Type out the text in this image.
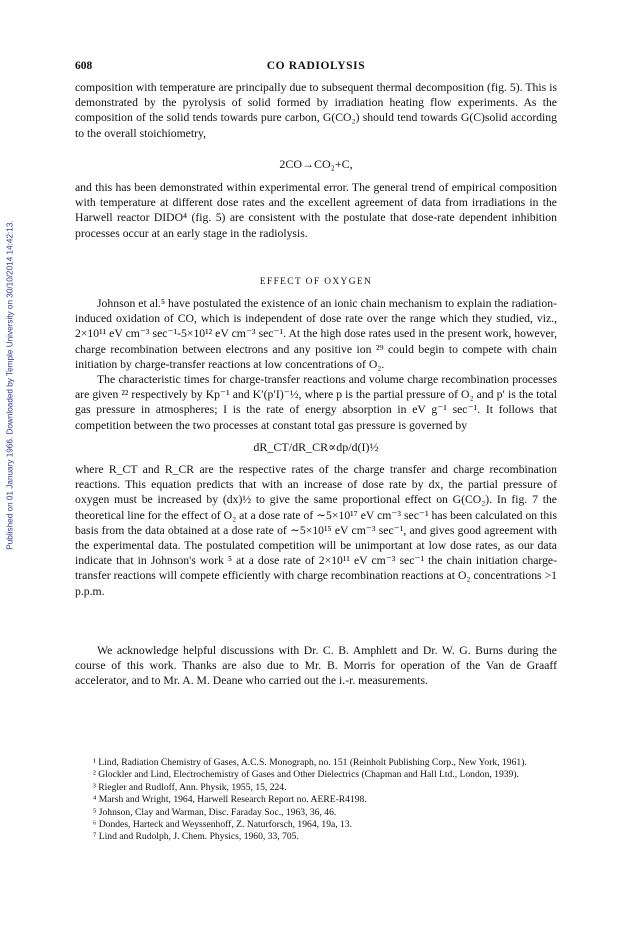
Published on 01 January 1966. Downloaded by Temple University on 30/10/2014 14:42:13.
608	CO RADIOLYSIS

composition with temperature are principally due to subsequent thermal decomposition (fig. 5). This is demonstrated by the pyrolysis of solid formed by irradiation heating flow experiments. As the composition of the solid tends towards pure carbon, G(CO₂) should tend towards G(C)solid according to the overall stoichiometry,

2CO→CO₂+C,

and this has been demonstrated within experimental error. The general trend of empirical composition with temperature at different dose rates and the excellent agreement of data from irradiations in the Harwell reactor DIDO⁴ (fig. 5) are consistent with the postulate that dose-rate dependent inhibition processes occur at an early stage in the radiolysis.

EFFECT OF OXYGEN

Johnson et al.⁵ have postulated the existence of an ionic chain mechanism to explain the radiation-induced oxidation of CO, which is independent of dose rate over the range which they studied, viz., 2×10¹¹ eV cm⁻³ sec⁻¹-5×10¹² eV cm⁻³ sec⁻¹. At the high dose rates used in the present work, however, charge recombination between electrons and any positive ion ²⁹ could begin to compete with chain initiation by charge-transfer reactions at low concentrations of O₂.

The characteristic times for charge-transfer reactions and volume charge recombination processes are given ²² respectively by Kp⁻¹ and K′(p′I)⁻½, where p is the partial pressure of O₂ and p′ is the total gas pressure in atmospheres; I is the rate of energy absorption in eV g⁻¹ sec⁻¹. It follows that competition between the two processes at constant total gas pressure is governed by

dR_CT/dR_CR∝dp/d(I)½

where R_CT and R_CR are the respective rates of the charge transfer and charge recombination reactions. This equation predicts that with an increase of dose rate by dx, the partial pressure of oxygen must be increased by (dx)½ to give the same proportional effect on G(CO₂). In fig. 7 the theoretical line for the effect of O₂ at a dose rate of ∼5×10¹⁷ eV cm⁻³ sec⁻¹ has been calculated on this basis from the data obtained at a dose rate of ∼5×10¹⁵ eV cm⁻³ sec⁻¹, and gives good agreement with the experimental data. The postulated competition will be unimportant at low dose rates, as our data indicate that in Johnson's work ⁵ at a dose rate of 2×10¹¹ eV cm⁻³ sec⁻¹ the chain initiation charge-transfer reactions will compete efficiently with charge recombination reactions at O₂ concentrations >1 p.p.m.

We acknowledge helpful discussions with Dr. C. B. Amphlett and Dr. W. G. Burns during the course of this work. Thanks are also due to Mr. B. Morris for operation of the Van de Graaff accelerator, and to Mr. A. M. Deane who carried out the i.-r. measurements.

¹ Lind, Radiation Chemistry of Gases, A.C.S. Monograph, no. 151 (Reinholt Publishing Corp., New York, 1961).

² Glockler and Lind, Electrochemistry of Gases and Other Dielectrics (Chapman and Hall Ltd., London, 1939).

³ Riegler and Rudloff, Ann. Physik, 1955, 15, 224.

⁴ Marsh and Wright, 1964, Harwell Research Report no. AERE-R4198.

⁵ Johnson, Clay and Warman, Disc. Faraday Soc., 1963, 36, 46.

⁶ Dondes, Harteck and Weyssenhoff, Z. Naturforsch, 1964, 19a, 13.

⁷ Lind and Rudolph, J. Chem. Physics, 1960, 33, 705.
